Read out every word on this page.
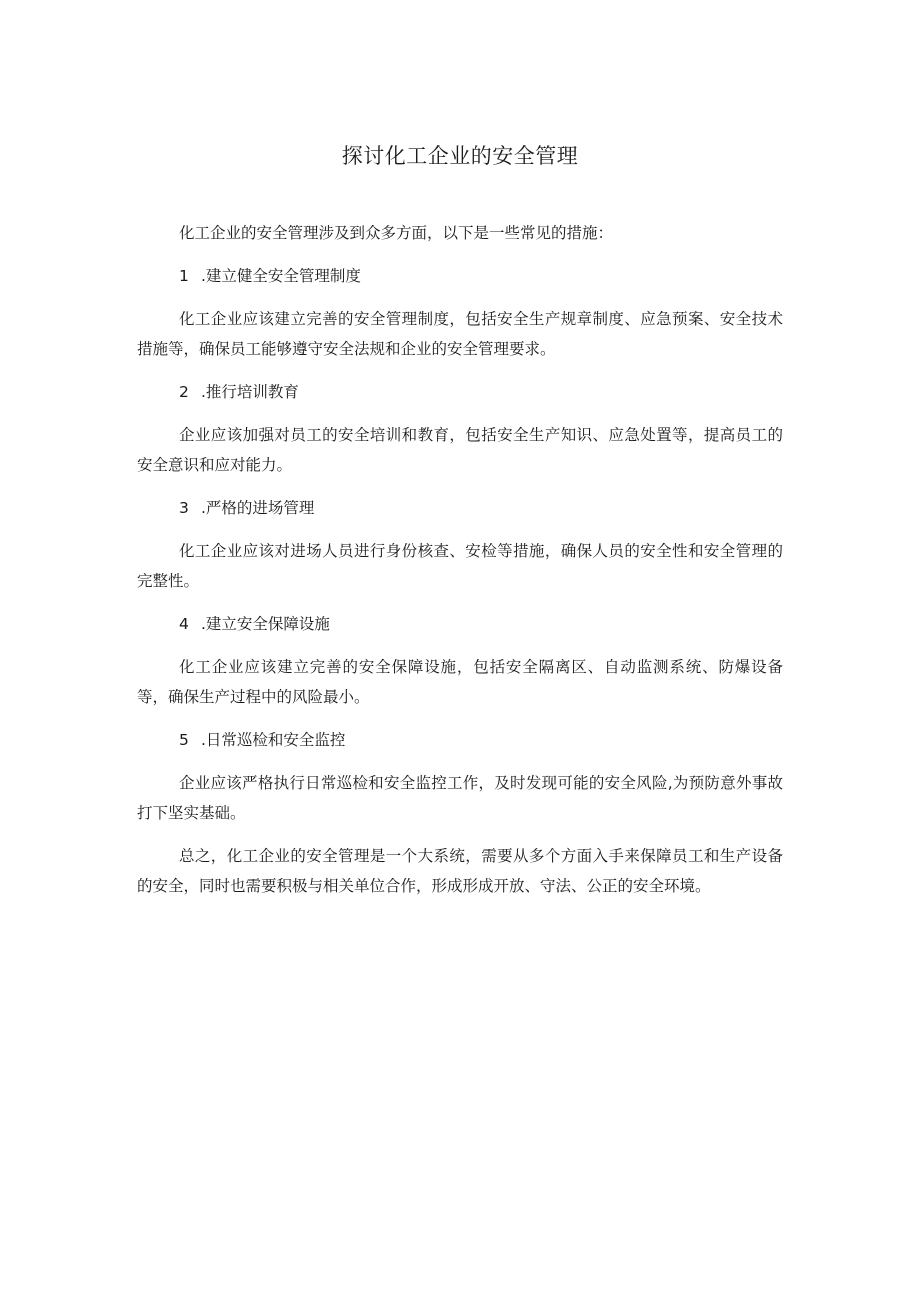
探讨化工企业的安全管理

化工企业的安全管理涉及到众多方面，以下是一些常见的措施：

1 .建立健全安全管理制度

化工企业应该建立完善的安全管理制度，包括安全生产规章制度、应急预案、安全技术措施等，确保员工能够遵守安全法规和企业的安全管理要求。

2 .推行培训教育

企业应该加强对员工的安全培训和教育，包括安全生产知识、应急处置等，提高员工的安全意识和应对能力。

3 .严格的进场管理

化工企业应该对进场人员进行身份核查、安检等措施，确保人员的安全性和安全管理的完整性。

4 .建立安全保障设施

化工企业应该建立完善的安全保障设施，包括安全隔离区、自动监测系统、防爆设备等，确保生产过程中的风险最小。

5 .日常巡检和安全监控

企业应该严格执行日常巡检和安全监控工作，及时发现可能的安全风险,为预防意外事故打下坚实基础。

总之，化工企业的安全管理是一个大系统，需要从多个方面入手来保障员工和生产设备的安全，同时也需要积极与相关单位合作，形成形成开放、守法、公正的安全环境。
